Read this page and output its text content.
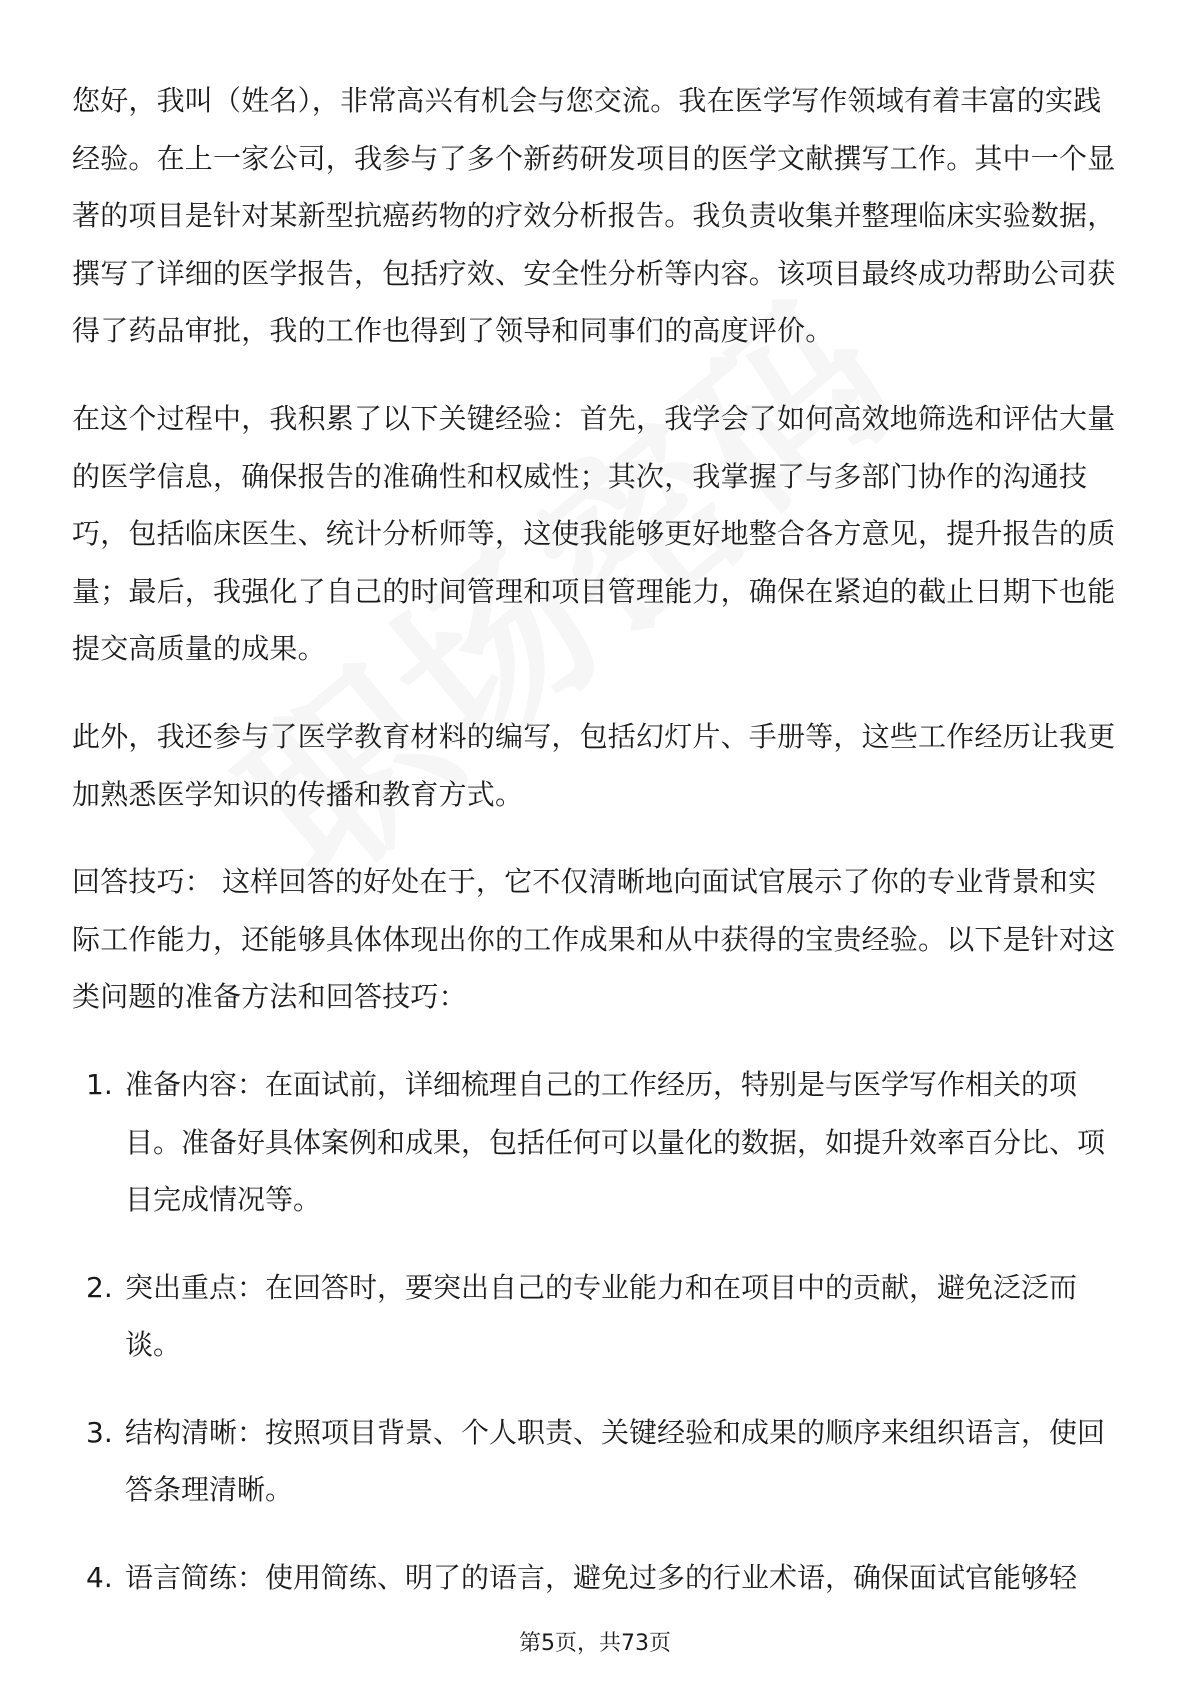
您好，我叫（姓名），非常高兴有机会与您交流。我在医学写作领域有着丰富的实践经验。在上一家公司，我参与了多个新药研发项目的医学文献撰写工作。其中一个显著的项目是针对某新型抗癌药物的疗效分析报告。我负责收集并整理临床实验数据，撰写了详细的医学报告，包括疗效、安全性分析等内容。该项目最终成功帮助公司获得了药品审批，我的工作也得到了领导和同事们的高度评价。

在这个过程中，我积累了以下关键经验：首先，我学会了如何高效地筛选和评估大量的医学信息，确保报告的准确性和权威性；其次，我掌握了与多部门协作的沟通技巧，包括临床医生、统计分析师等，这使我能够更好地整合各方意见，提升报告的质量；最后，我强化了自己的时间管理和项目管理能力，确保在紧迫的截止日期下也能提交高质量的成果。

此外，我还参与了医学教育材料的编写，包括幻灯片、手册等，这些工作经历让我更加熟悉医学知识的传播和教育方式。

回答技巧： 这样回答的好处在于，它不仅清晰地向面试官展示了你的专业背景和实际工作能力，还能够具体体现出你的工作成果和从中获得的宝贵经验。以下是针对这类问题的准备方法和回答技巧：

1. 准备内容：在面试前，详细梳理自己的工作经历，特别是与医学写作相关的项目。准备好具体案例和成果，包括任何可以量化的数据，如提升效率百分比、项目完成情况等。
2. 突出重点：在回答时，要突出自己的专业能力和在项目中的贡献，避免泛泛而谈。
3. 结构清晰：按照项目背景、个人职责、关键经验和成果的顺序来组织语言，使回答条理清晰。
4. 语言简练：使用简练、明了的语言，避免过多的行业术语，确保面试官能够轻
第5页，共73页
